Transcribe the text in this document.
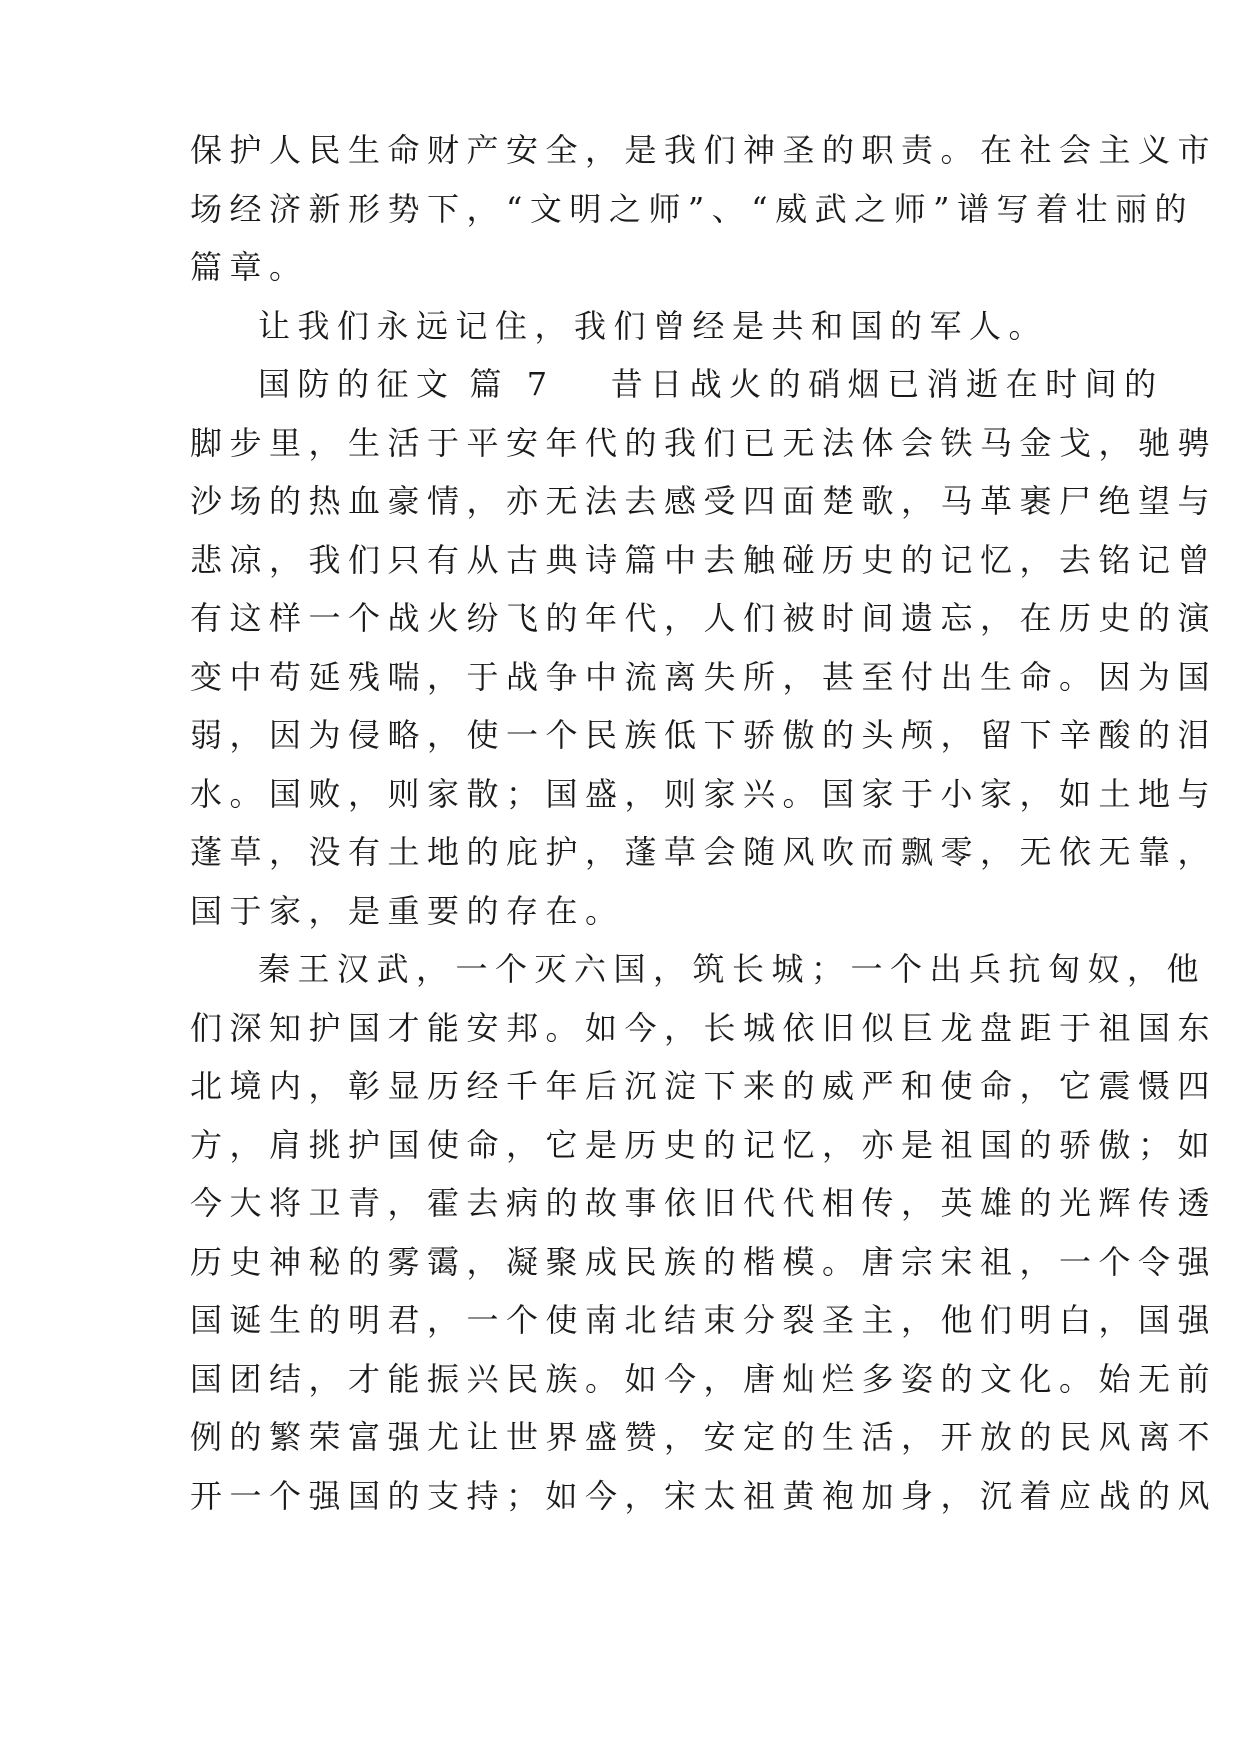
保护人民生命财产安全，是我们神圣的职责。在社会主义市
场经济新形势下，“文明之师”、“威武之师”谱写着壮丽的
篇章。
让我们永远记住，我们曾经是共和国的军人。
国防的征文 篇 7 昔日战火的硝烟已消逝在时间的
脚步里，生活于平安年代的我们已无法体会铁马金戈，驰骋
沙场的热血豪情，亦无法去感受四面楚歌，马革裹尸绝望与
悲凉，我们只有从古典诗篇中去触碰历史的记忆，去铭记曾
有这样一个战火纷飞的年代，人们被时间遗忘，在历史的演
变中苟延残喘，于战争中流离失所，甚至付出生命。因为国
弱，因为侵略，使一个民族低下骄傲的头颅，留下辛酸的泪
水。国败，则家散；国盛，则家兴。国家于小家，如土地与
蓬草，没有土地的庇护，蓬草会随风吹而飘零，无依无靠，
国于家，是重要的存在。
秦王汉武，一个灭六国，筑长城；一个出兵抗匈奴，他
们深知护国才能安邦。如今，长城依旧似巨龙盘距于祖国东
北境内，彰显历经千年后沉淀下来的威严和使命，它震慑四
方，肩挑护国使命，它是历史的记忆，亦是祖国的骄傲；如
今大将卫青，霍去病的故事依旧代代相传，英雄的光辉传透
历史神秘的雾霭，凝聚成民族的楷模。唐宗宋祖，一个令强
国诞生的明君，一个使南北结束分裂圣主，他们明白，国强
国团结，才能振兴民族。如今，唐灿烂多姿的文化。始无前
例的繁荣富强尤让世界盛赞，安定的生活，开放的民风离不
开一个强国的支持；如今，宋太祖黄袍加身，沉着应战的风
